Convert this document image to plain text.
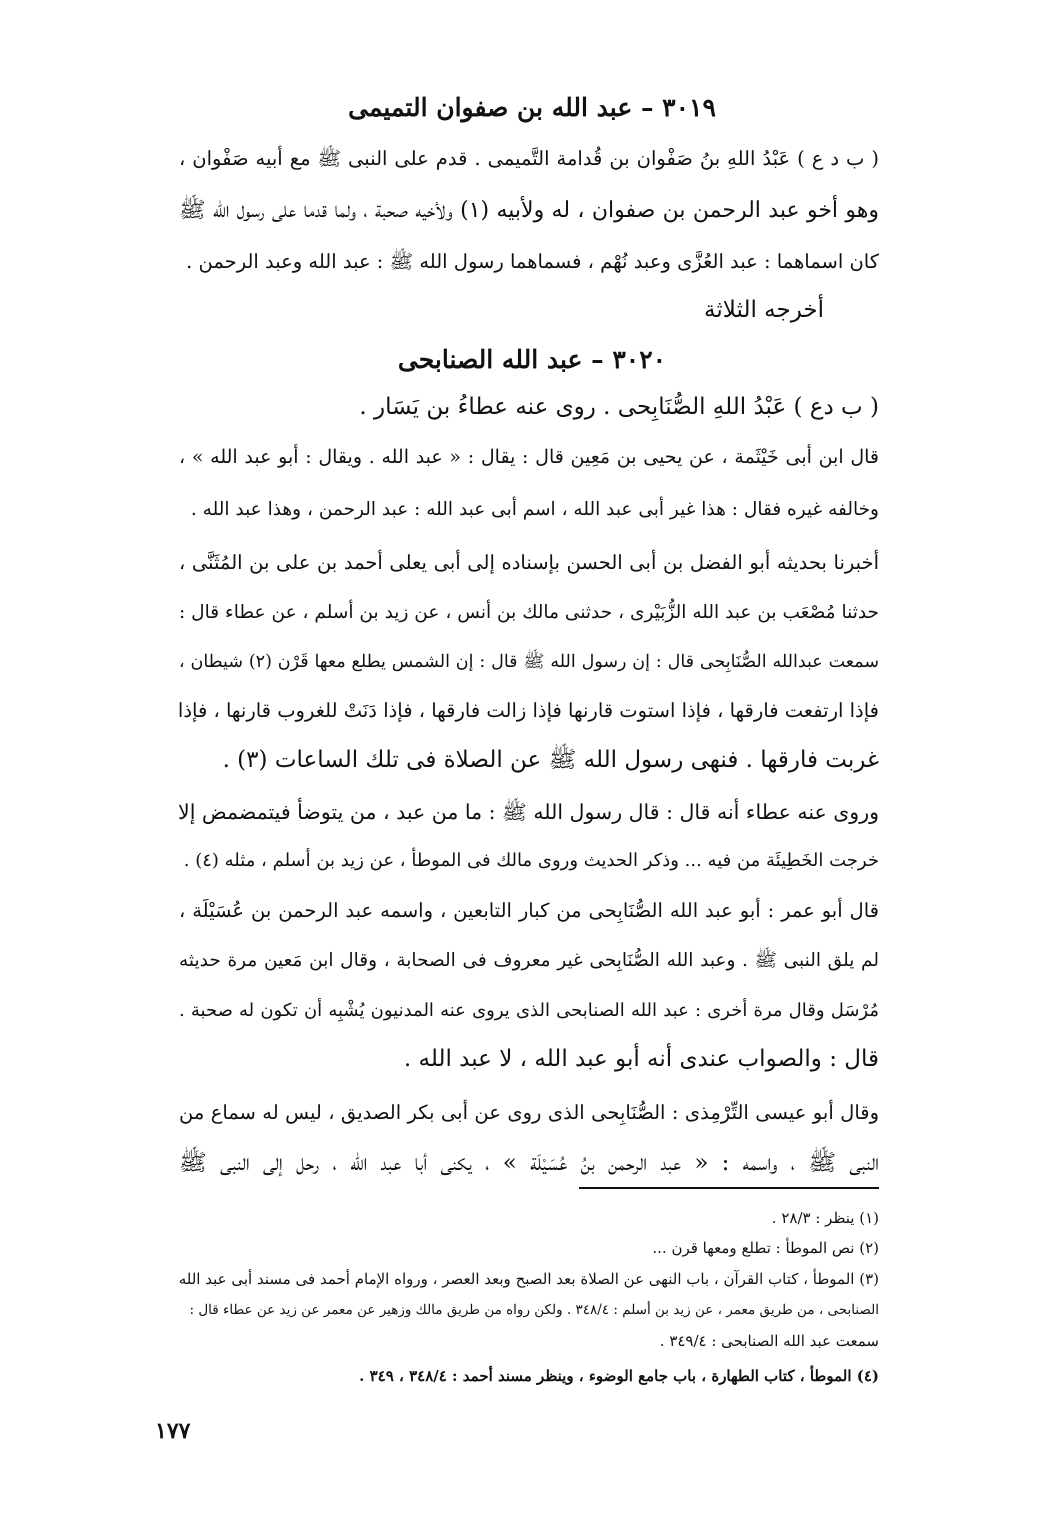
٣٠١٩ – عبد الله بن صفوان التميمى
( ب د ع ) عَبْدُ اللهِ بنُ صَفْوان بن قُدامة التَّميمى . قدم على النبى ﷺ مع أبيه صَفْوان ،
وهو أخو عبد الرحمن بن صفوان ، له ولأبيه (١) ولأخيه صحبة ، ولما قدما على رسول الله ﷺ
كان اسماهما : عبد العُزَّى وعبد نُهْم ، فسماهما رسول الله ﷺ : عبد الله وعبد الرحمن .
أخرجه الثلاثة
٣٠٢٠ – عبد الله الصنابحى
( ب دع ) عَبْدُ اللهِ الصُّنَابِحى . روى عنه عطاءُ بن يَسَار .
قال ابن أبى خَيْثَمة ، عن يحيى بن مَعِين قال : يقال : « عبد الله . ويقال : أبو عبد الله » ،
وخالفه غيره فقال : هذا غير أبى عبد الله ، اسم أبى عبد الله : عبد الرحمن ، وهذا عبد الله .
أخبرنا بحديثه أبو الفضل بن أبى الحسن بإسناده إلى أبى يعلى أحمد بن على بن المُثَنَّى ،
حدثنا مُصْعَب بن عبد الله الزُّبَيْرى ، حدثنى مالك بن أنس ، عن زيد بن أسلم ، عن عطاء قال :
سمعت عبدالله الصُّنَابِحى قال : إن رسول الله ﷺ قال : إن الشمس يطلع معها قَرْن (٢) شيطان ،
فإذا ارتفعت فارقها ، فإذا استوت قارنها فإذا زالت فارقها ، فإذا دَنَتْ للغروب قارنها ، فإذا
غربت فارقها . فنهى رسول الله ﷺ عن الصلاة فى تلك الساعات (٣) .
وروى عنه عطاء أنه قال : قال رسول الله ﷺ : ما من عبد ، من يتوضأ فيتمضمض إلا
خرجت الخَطِيئَة من فيه ... وذكر الحديث وروى مالك فى الموطأ ، عن زيد بن أسلم ، مثله (٤) .
قال أبو عمر : أبو عبد الله الصُّنَابِحى من كبار التابعين ، واسمه عبد الرحمن بن عُسَيْلَة ،
لم يلق النبى ﷺ . وعبد الله الصُّنَابِحى غير معروف فى الصحابة ، وقال ابن مَعين مرة حديثه
مُرْسَل وقال مرة أخرى : عبد الله الصنابحى الذى يروى عنه المدنيون يُشْبِه أن تكون له صحبة .
قال : والصواب عندى أنه أبو عبد الله ، لا عبد الله .
وقال أبو عيسى التِّرْمِذى : الصُّنَابِحى الذى روى عن أبى بكر الصديق ، ليس له سماع من
النبى ﷺ ، واسمه : « عبد الرحمن بنُ عُسَيْلَة » ، يكنى أبا عبد الله ، رحل إلى النبى ﷺ
(١) ينظر : ٢٨/٣ .
(٢) نص الموطأ : تطلع ومعها قرن ...
(٣) الموطأ ، كتاب القرآن ، باب النهى عن الصلاة بعد الصبح وبعد العصر ، ورواه الإمام أحمد فى مسند أبى عبد الله
الصنابحى ، من طريق معمر ، عن زيد بن أسلم : ٣٤٨/٤ . ولكن رواه من طريق مالك وزهير عن معمر عن زيد عن عطاء قال :
سمعت عبد الله الصنابحى : ٣٤٩/٤ .
(٤) الموطأ ، كتاب الطهارة ، باب جامع الوضوء ، وينظر مسند أحمد : ٣٤٨/٤ ، ٣٤٩ .
١٧٧
